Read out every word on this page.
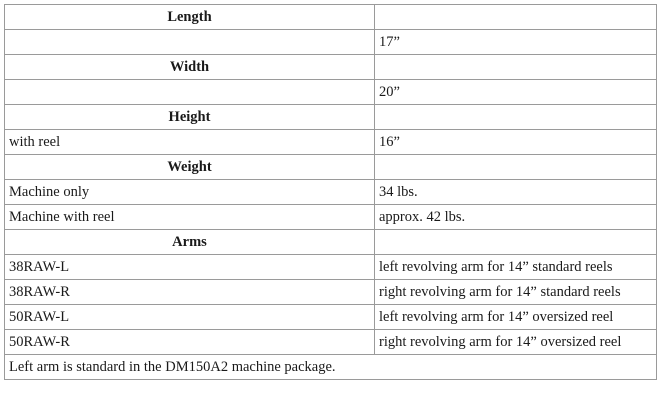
Length	
	17”
Width	
	20”
Height	
with reel	16”
Weight	
Machine only	34 lbs.
Machine with reel	approx. 42 lbs.
Arms	
38RAW-L	left revolving arm for 14” standard reels
38RAW-R	right revolving arm for 14” standard reels
50RAW-L	left revolving arm for 14” oversized reel
50RAW-R	right revolving arm for 14” oversized reel
Left arm is standard in the DM150A2 machine package.	
